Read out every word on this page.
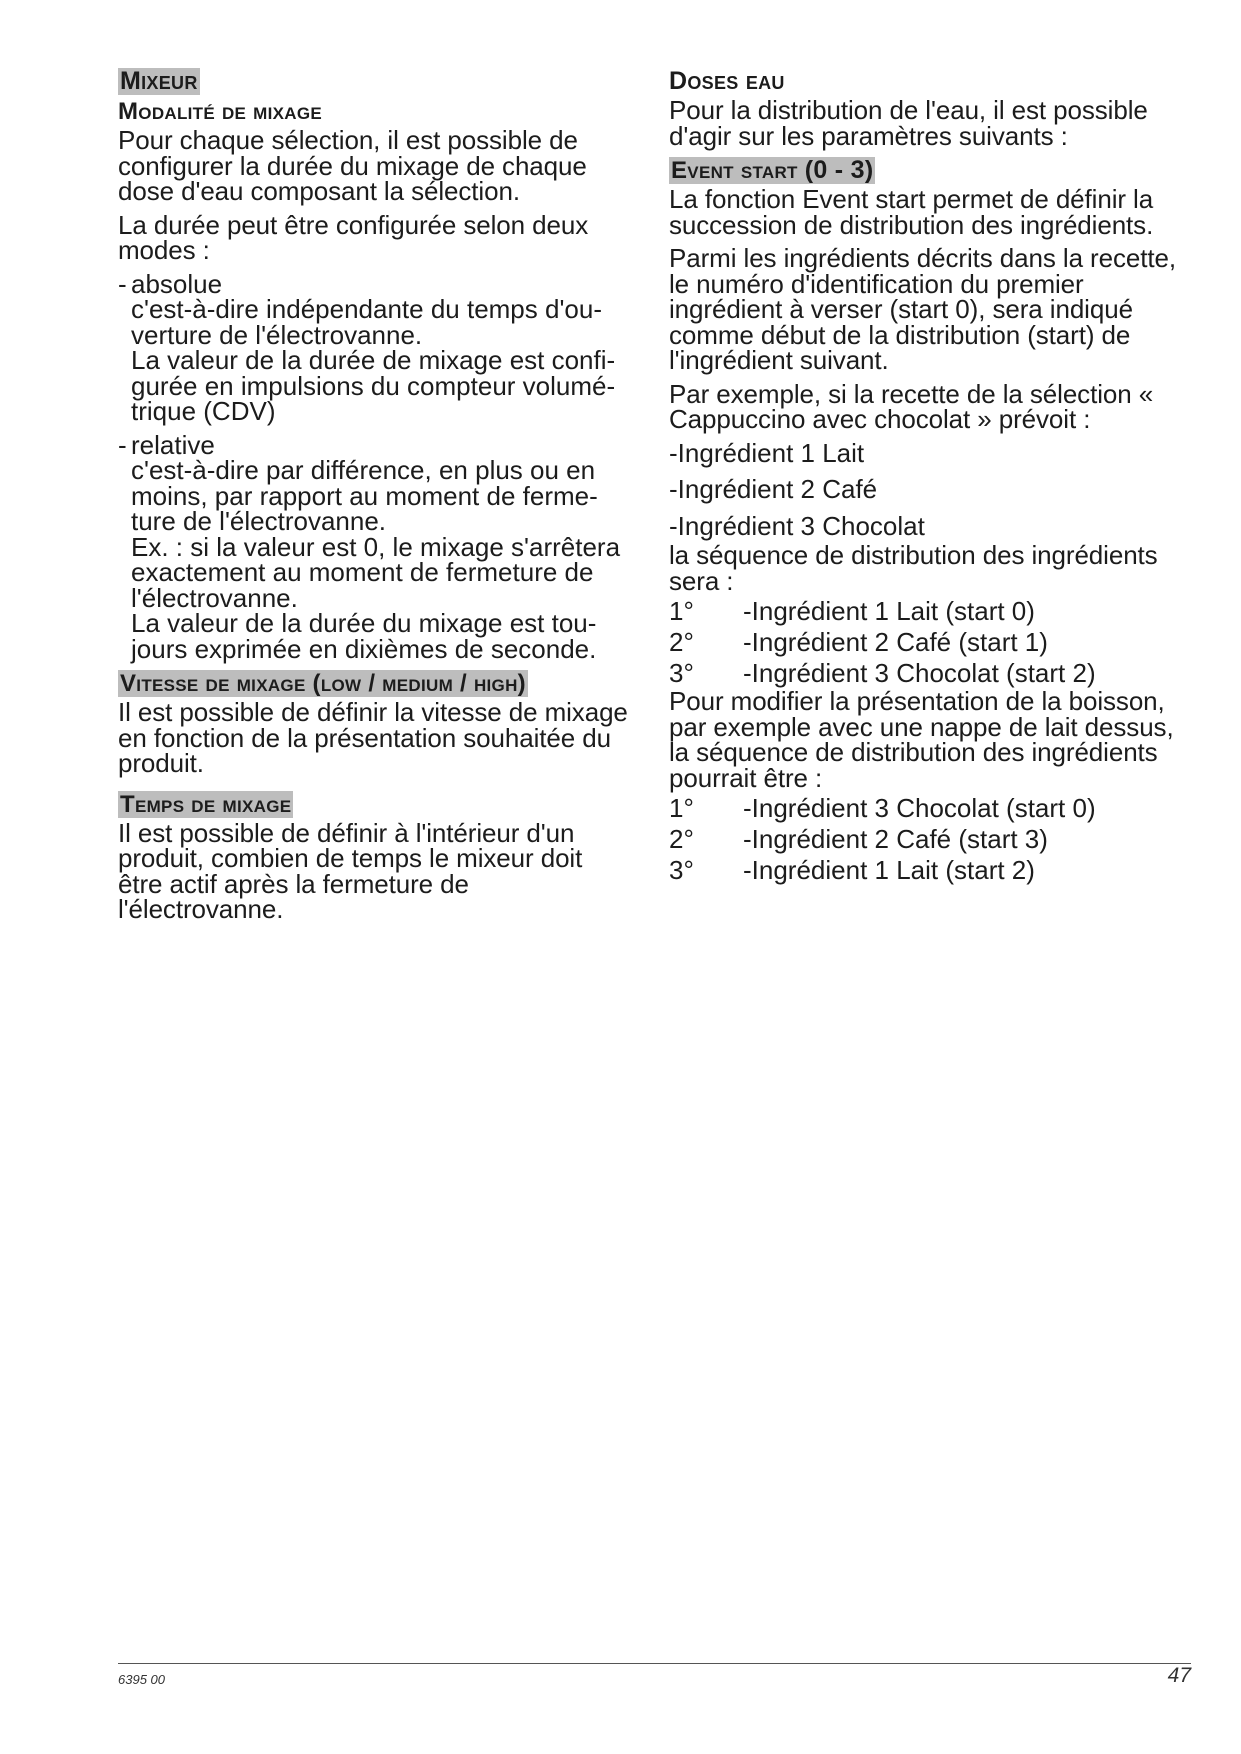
Mixeur
Modalité de mixage

Pour chaque sélection, il est possible de configurer la durée du mixage de chaque dose d'eau composant la sélection.

La durée peut être configurée selon deux modes :

- absolue
c'est-à-dire indépendante du temps d'ou-
verture de l'électrovanne.
La valeur de la durée de mixage est confi-
gurée en impulsions du compteur volumé-
trique (CDV)
- relative
c'est-à-dire par différence, en plus ou en
moins, par rapport au moment de ferme-
ture de l'électrovanne.
Ex. : si la valeur est 0, le mixage s'arrêtera
exactement au moment de fermeture de
l'électrovanne.
La valeur de la durée du mixage est tou-
jours exprimée en dixièmes de seconde.
Vitesse de mixage (low / medium / high)

Il est possible de définir la vitesse de mixage en fonction de la présentation souhaitée du produit.

Temps de mixage

Il est possible de définir à l'intérieur d'un produit, combien de temps le mixeur doit être actif après la fermeture de l'électrovanne.

Doses eau

Pour la distribution de l'eau, il est possible d'agir sur les paramètres suivants :

Event start (0 - 3)

La fonction Event start permet de définir la succession de distribution des ingrédients.

Parmi les ingrédients décrits dans la recette, le numéro d'identification du premier ingrédient à verser (start 0), sera indiqué comme début de la distribution (start) de l'ingrédient suivant.

Par exemple, si la recette de la sélection « Cappuccino avec chocolat » prévoit :

-Ingrédient 1 Lait
-Ingrédient 2 Café
-Ingrédient 3 Chocolat

la séquence de distribution des ingrédients sera :

1°	-Ingrédient 1 Lait (start 0)
2°	-Ingrédient 2 Café (start 1)
3°	-Ingrédient 3 Chocolat (start 2)

Pour modifier la présentation de la boisson, par exemple avec une nappe de lait dessus, la séquence de distribution des ingrédients pourrait être :

1°	-Ingrédient 3 Chocolat (start 0)
2°	-Ingrédient 2 Café (start 3)
3°	-Ingrédient 1 Lait (start 2)
6395 00	47
